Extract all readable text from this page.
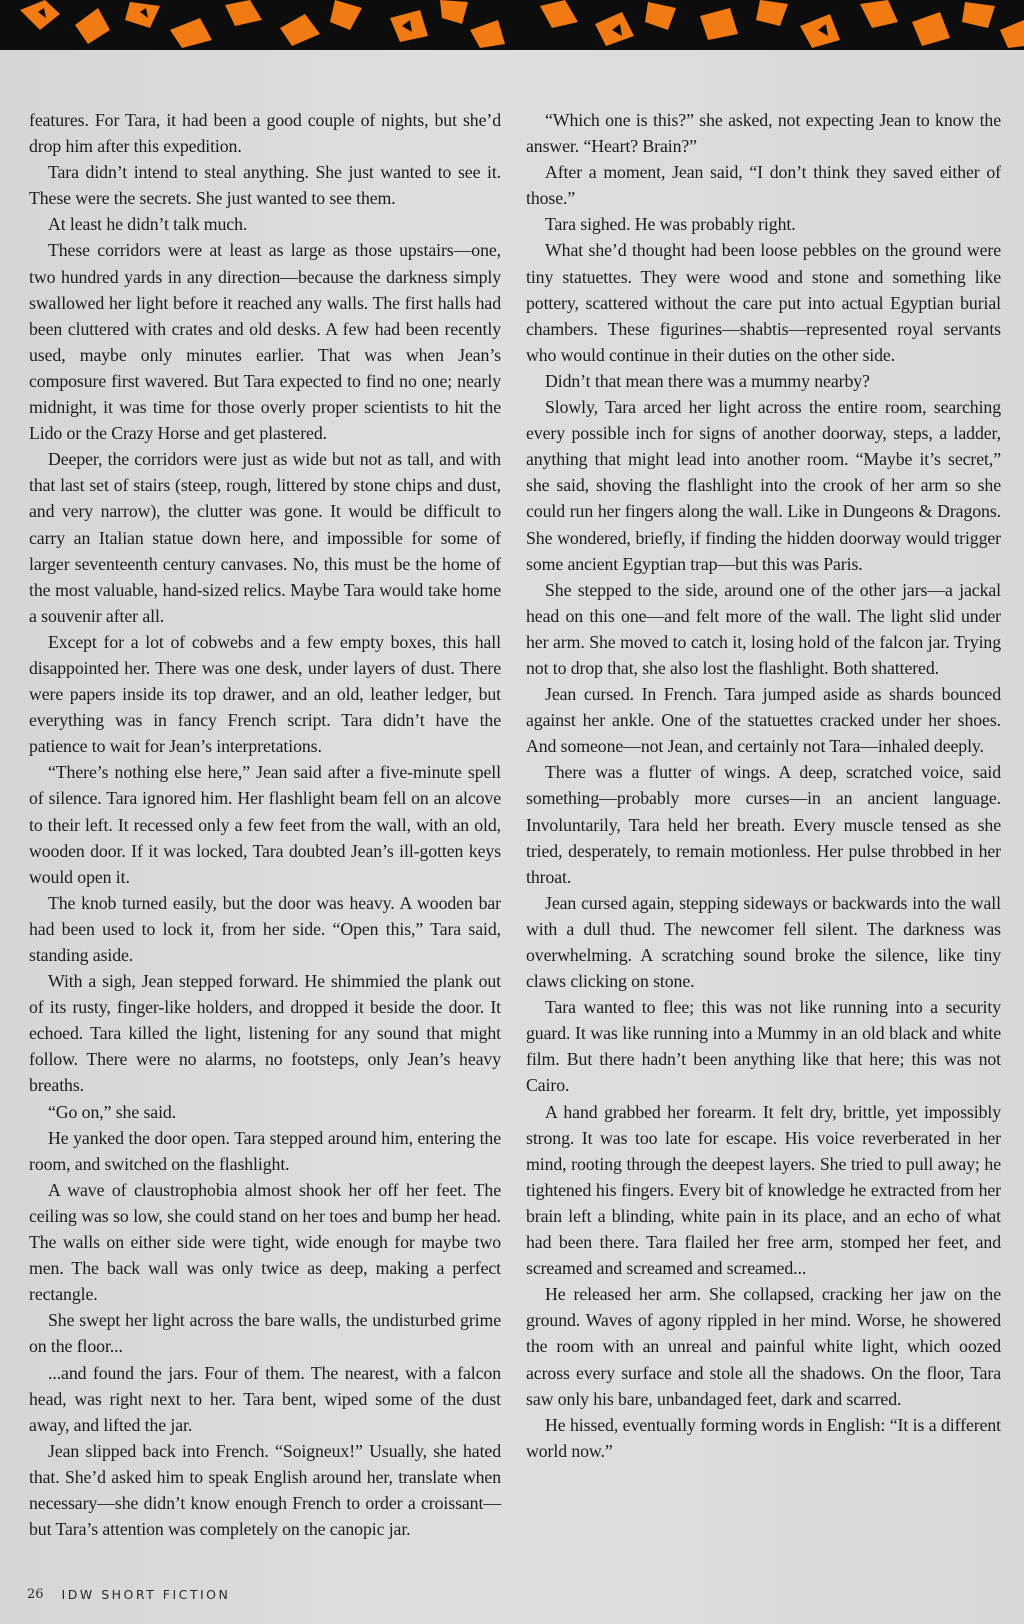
features. For Tara, it had been a good couple of nights, but she’d drop him after this expedition.

Tara didn’t intend to steal anything. She just wanted to see it. These were the secrets. She just wanted to see them.

At least he didn’t talk much.

These corridors were at least as large as those upstairs—one, two hundred yards in any direction—because the darkness simply swallowed her light before it reached any walls. The first halls had been cluttered with crates and old desks. A few had been recently used, maybe only minutes earlier. That was when Jean’s composure first wavered. But Tara expected to find no one; nearly midnight, it was time for those overly proper scientists to hit the Lido or the Crazy Horse and get plastered.

Deeper, the corridors were just as wide but not as tall, and with that last set of stairs (steep, rough, littered by stone chips and dust, and very narrow), the clutter was gone. It would be difficult to carry an Italian statue down here, and impossible for some of larger seventeenth century canvases. No, this must be the home of the most valuable, hand-sized relics. Maybe Tara would take home a souvenir after all.

Except for a lot of cobwebs and a few empty boxes, this hall disappointed her. There was one desk, under layers of dust. There were papers inside its top drawer, and an old, leather ledger, but everything was in fancy French script. Tara didn’t have the patience to wait for Jean’s interpretations.

“There’s nothing else here,” Jean said after a five-minute spell of silence. Tara ignored him. Her flashlight beam fell on an alcove to their left. It recessed only a few feet from the wall, with an old, wooden door. If it was locked, Tara doubted Jean’s ill-gotten keys would open it.

The knob turned easily, but the door was heavy. A wooden bar had been used to lock it, from her side. “Open this,” Tara said, standing aside.

With a sigh, Jean stepped forward. He shimmied the plank out of its rusty, finger-like holders, and dropped it beside the door. It echoed. Tara killed the light, listening for any sound that might follow. There were no alarms, no footsteps, only Jean’s heavy breaths.

“Go on,” she said.

He yanked the door open. Tara stepped around him, entering the room, and switched on the flashlight.

A wave of claustrophobia almost shook her off her feet. The ceiling was so low, she could stand on her toes and bump her head. The walls on either side were tight, wide enough for maybe two men. The back wall was only twice as deep, making a perfect rectangle.

She swept her light across the bare walls, the undisturbed grime on the floor...

...and found the jars. Four of them. The nearest, with a falcon head, was right next to her. Tara bent, wiped some of the dust away, and lifted the jar.

Jean slipped back into French. “Soigneux!” Usually, she hated that. She’d asked him to speak English around her, translate when necessary—she didn’t know enough French to order a croissant—but Tara’s attention was completely on the canopic jar.

“Which one is this?” she asked, not expecting Jean to know the answer. “Heart? Brain?”

After a moment, Jean said, “I don’t think they saved either of those.”

Tara sighed. He was probably right.

What she’d thought had been loose pebbles on the ground were tiny statuettes. They were wood and stone and something like pottery, scattered without the care put into actual Egyptian burial chambers. These figurines—shabtis—represented royal servants who would continue in their duties on the other side.

Didn’t that mean there was a mummy nearby?

Slowly, Tara arced her light across the entire room, searching every possible inch for signs of another doorway, steps, a ladder, anything that might lead into another room. “Maybe it’s secret,” she said, shoving the flashlight into the crook of her arm so she could run her fingers along the wall. Like in Dungeons & Dragons. She wondered, briefly, if finding the hidden doorway would trigger some ancient Egyptian trap—but this was Paris.

She stepped to the side, around one of the other jars—a jackal head on this one—and felt more of the wall. The light slid under her arm. She moved to catch it, losing hold of the falcon jar. Trying not to drop that, she also lost the flashlight. Both shattered.

Jean cursed. In French. Tara jumped aside as shards bounced against her ankle. One of the statuettes cracked under her shoes. And someone—not Jean, and certainly not Tara—inhaled deeply.

There was a flutter of wings. A deep, scratched voice, said something—probably more curses—in an ancient language. Involuntarily, Tara held her breath. Every muscle tensed as she tried, desperately, to remain motionless. Her pulse throbbed in her throat.

Jean cursed again, stepping sideways or backwards into the wall with a dull thud. The newcomer fell silent. The darkness was overwhelming. A scratching sound broke the silence, like tiny claws clicking on stone.

Tara wanted to flee; this was not like running into a security guard. It was like running into a Mummy in an old black and white film. But there hadn’t been anything like that here; this was not Cairo.

A hand grabbed her forearm. It felt dry, brittle, yet impossibly strong. It was too late for escape. His voice reverberated in her mind, rooting through the deepest layers. She tried to pull away; he tightened his fingers. Every bit of knowledge he extracted from her brain left a blinding, white pain in its place, and an echo of what had been there. Tara flailed her free arm, stomped her feet, and screamed and screamed and screamed...

He released her arm. She collapsed, cracking her jaw on the ground. Waves of agony rippled in her mind. Worse, he showered the room with an unreal and painful white light, which oozed across every surface and stole all the shadows. On the floor, Tara saw only his bare, unbandaged feet, dark and scarred.

He hissed, eventually forming words in English: “It is a different world now.”

26 IDW SHORT FICTION
